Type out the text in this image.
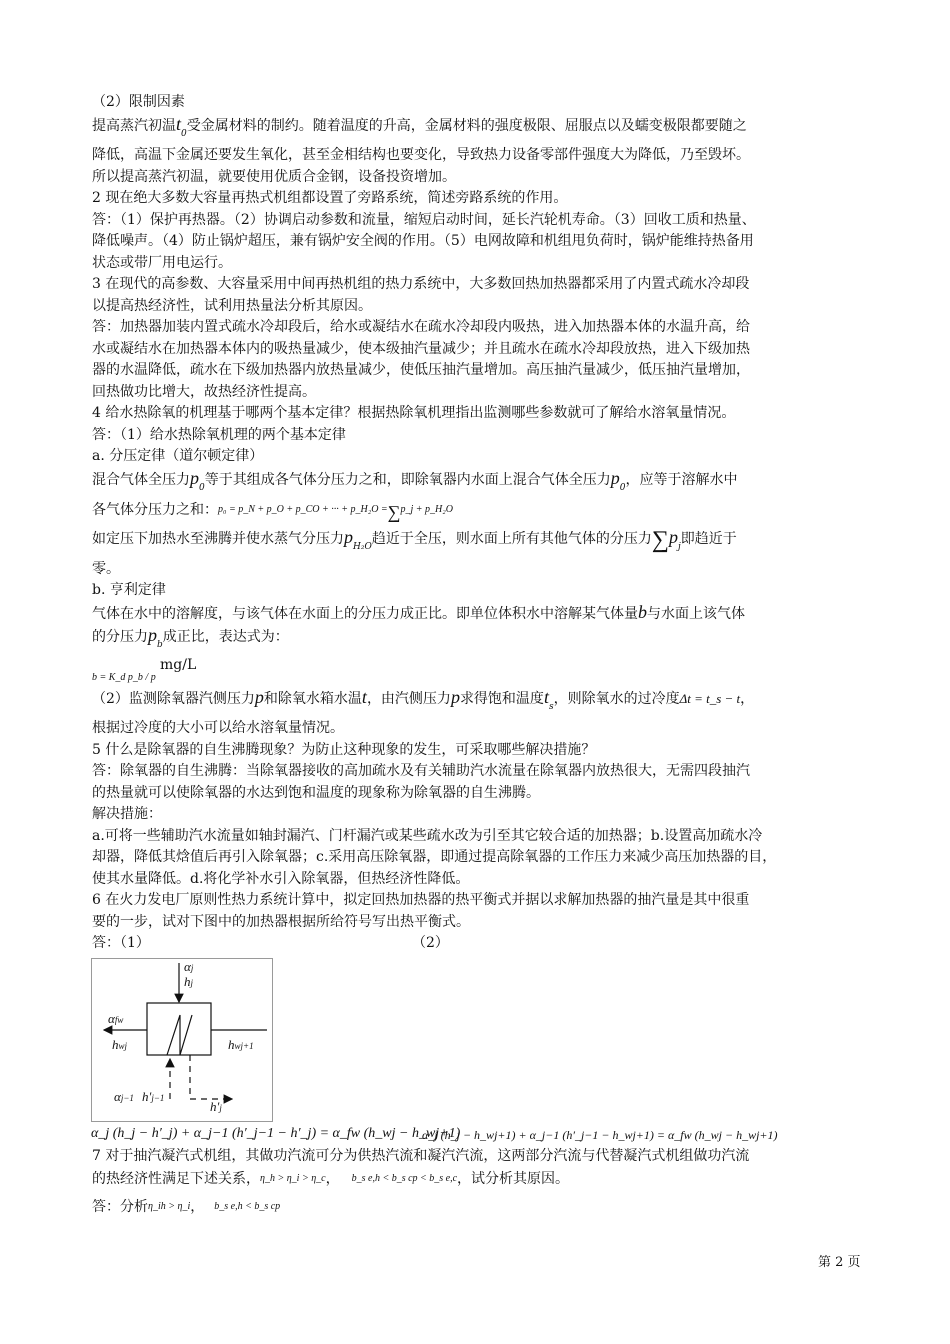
（2）限制因素
提高蒸汽初温$t_0$受金属材料的制约。随着温度的升高，金属材料的强度极限、屈服点以及蠕变极限都要随之
降低，高温下金属还要发生氧化，甚至金相结构也要变化，导致热力设备零部件强度大为降低，乃至毁坏。
所以提高蒸汽初温，就要使用优质合金钢，设备投资增加。
2 现在绝大多数大容量再热式机组都设置了旁路系统，简述旁路系统的作用。
答：（1）保护再热器。（2）协调启动参数和流量，缩短启动时间，延长汽轮机寿命。（3）回收工质和热量、
降低噪声。（4）防止锅炉超压，兼有锅炉安全阀的作用。（5）电网故障和机组甩负荷时，锅炉能维持热备用
状态或带厂用电运行。
3 在现代的高参数、大容量采用中间再热机组的热力系统中，大多数回热加热器都采用了内置式疏水冷却段
以提高热经济性，试利用热量法分析其原因。
答：加热器加装内置式疏水冷却段后，给水或凝结水在疏水冷却段内吸热，进入加热器本体的水温升高，给
水或凝结水在加热器本体内的吸热量减少，使本级抽汽量减少；并且疏水在疏水冷却段放热，进入下级加热
器的水温降低，疏水在下级加热器内放热量减少，使低压抽汽量增加。高压抽汽量减少，低压抽汽量增加，
回热做功比增大，故热经济性提高。
4 给水热除氧的机理基于哪两个基本定律？根据热除氧机理指出监测哪些参数就可了解给水溶氧量情况。
答：（1）给水热除氧机理的两个基本定律
a. 分压定律（道尔顿定律）
混合气体全压力$p_0$等于其组成各气体分压力之和，即除氧器内水面上混合气体全压力$p_0$，应等于溶解水中
各气体分压力之和：p₀ = p_N + p_O + p_CO + ··· + p_H₂O =∑p_j + p_H₂O
如定压下加热水至沸腾并使水蒸气分压力$p_{H_2O}$趋近于全压，则水面上所有其他气体的分压力$\sum p_j$即趋近于
零。
b. 亨利定律
气体在水中的溶解度，与该气体在水面上的分压力成正比。即单位体积水中溶解某气体量b与水面上该气体
的分压力$p_b$成正比，表达式为：
b = K_d p_b / p
mg/L
（2）监测除氧器汽侧压力p和除氧水箱水温t，由汽侧压力p求得饱和温度$t_s$，则除氧水的过冷度Δt = t_s − t，
根据过冷度的大小可以给水溶氧量情况。
5 什么是除氧器的自生沸腾现象？为防止这种现象的发生，可采取哪些解决措施？
答：除氧器的自生沸腾：当除氧器接收的高加疏水及有关辅助汽水流量在除氧器内放热很大，无需四段抽汽
的热量就可以使除氧器的水达到饱和温度的现象称为除氧器的自生沸腾。
解决措施：
a.可将一些辅助汽水流量如轴封漏汽、门杆漏汽或某些疏水改为引至其它较合适的加热器；b.设置高加疏水冷
却器，降低其焓值后再引入除氧器；c.采用高压除氧器，即通过提高除氧器的工作压力来减少高压加热器的目，
使其水量降低。d.将化学补水引入除氧器，但热经济性降低。
6 在火力发电厂原则性热力系统计算中，拟定回热加热器的热平衡式并据以求解加热器的抽汽量是其中很重
要的一步，试对下图中的加热器根据所给符号写出热平衡式。
答：（1）	（2）
αj
hj
αfw
hwj	hwj+1
αj−1 h′j−1
h′j
α_j (h_j − h′_j) + α_j−1 (h′_j−1 − h′_j) = α_fw (h_wj − h_wj+1)
α_j (h_j − h_wj+1) + α_j−1 (h′_j−1 − h_wj+1) = α_fw (h_wj − h_wj+1)
7 对于抽汽凝汽式机组，其做功汽流可分为供热汽流和凝汽汽流，这两部分汽流与代替凝汽式机组做功汽流
的热经济性满足下述关系，η_h > η_i > η_c， b_s e,h < b_s cp < b_s e,c，试分析其原因。
答：分析η_ih > η_i， b_s e,h < b_s cp
第 2 页
